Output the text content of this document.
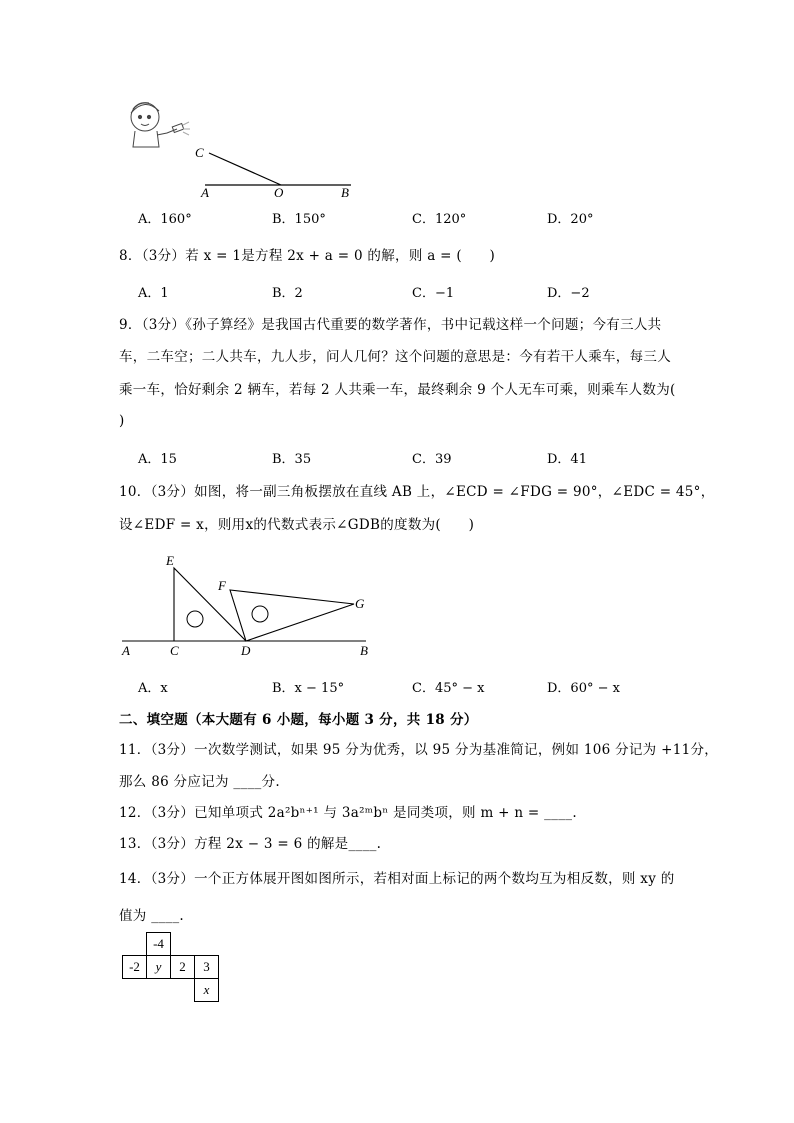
C
A	O	B
A．160°	B．150°	C．120°	D．20°
8．（3分）若 x = 1是方程 2x + a = 0 的解，则 a = (　　)
A．1	B．2	C．−1	D．−2
9．（3分）《孙子算经》是我国古代重要的数学著作，书中记载这样一个问题；今有三人共
车，二车空；二人共车，九人步，问人几何？这个问题的意思是：今有若干人乘车，每三人
乘一车，恰好剩余 2 辆车，若每 2 人共乘一车，最终剩余 9 个人无车可乘，则乘车人数为(
)
A．15	B．35	C．39	D．41
10．（3分）如图，将一副三角板摆放在直线 AB 上，∠ECD = ∠FDG = 90°，∠EDC = 45°，
设∠EDF = x，则用x的代数式表示∠GDB的度数为(　　)
E
F
G
A	C	D	B
A．x	B．x − 15°	C．45° − x	D．60° − x
二、填空题（本大题有 6 小题，每小题 3 分，共 18 分）
11．（3分）一次数学测试，如果 95 分为优秀，以 95 分为基准简记，例如 106 分记为 +11分，
那么 86 分应记为 ____分.
12．（3分）已知单项式 2a²bⁿ⁺¹ 与 3a²ᵐbⁿ 是同类项，则 m + n = ____.
13．（3分）方程 2x − 3 = 6 的解是____.
14．（3分）一个正方体展开图如图所示，若相对面上标记的两个数均互为相反数，则 xy 的
值为 ____.
	-4		
-2	y	2	3
			x
